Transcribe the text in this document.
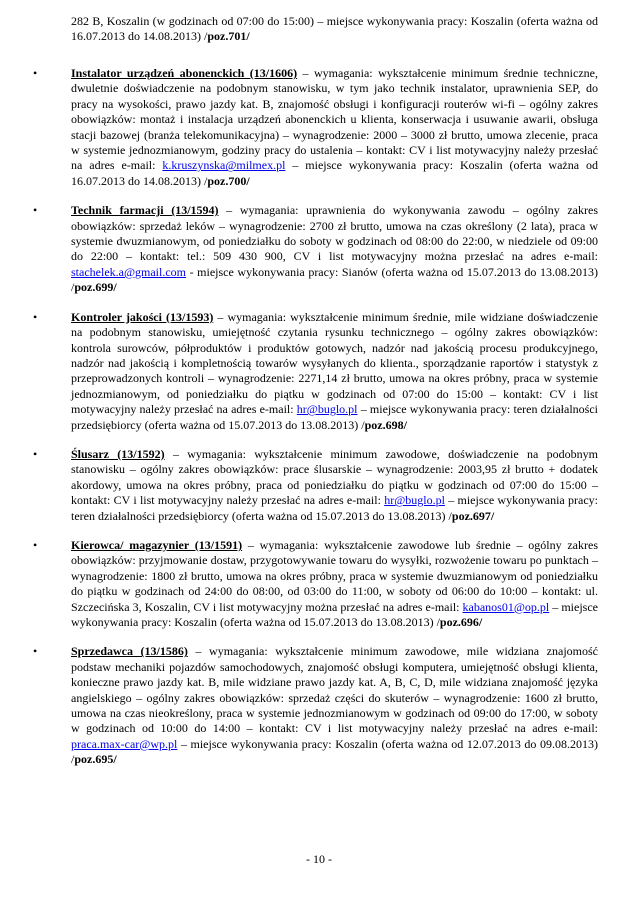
282 B, Koszalin (w godzinach od 07:00 do 15:00) – miejsce wykonywania pracy: Koszalin (oferta ważna od 16.07.2013 do 14.08.2013) /poz.701/
•	Instalator urządzeń abonenckich (13/1606) – wymagania: wykształcenie minimum średnie techniczne, dwuletnie doświadczenie na podobnym stanowisku, w tym jako technik instalator, uprawnienia SEP, do pracy na wysokości, prawo jazdy kat. B, znajomość obsługi i konfiguracji routerów wi-fi – ogólny zakres obowiązków: montaż i instalacja urządzeń abonenckich u klienta, konserwacja i usuwanie awarii, obsługa stacji bazowej (branża telekomunikacyjna) – wynagrodzenie: 2000 – 3000 zł brutto, umowa zlecenie, praca w systemie jednozmianowym, godziny pracy do ustalenia – kontakt: CV i list motywacyjny należy przesłać na adres e-mail: k.kruszynska@milmex.pl – miejsce wykonywania pracy: Koszalin (oferta ważna od 16.07.2013 do 14.08.2013) /poz.700/
•	Technik farmacji (13/1594) – wymagania: uprawnienia do wykonywania zawodu – ogólny zakres obowiązków: sprzedaż leków – wynagrodzenie: 2700 zł brutto, umowa na czas określony (2 lata), praca w systemie dwuzmianowym, od poniedziałku do soboty w godzinach od 08:00 do 22:00, w niedziele od 09:00 do 22:00 – kontakt: tel.: 509 430 900, CV i list motywacyjny można przesłać na adres e-mail: stachelek.a@gmail.com - miejsce wykonywania pracy: Sianów (oferta ważna od 15.07.2013 do 13.08.2013) /poz.699/
•	Kontroler jakości (13/1593) – wymagania: wykształcenie minimum średnie, mile widziane doświadczenie na podobnym stanowisku, umiejętność czytania rysunku technicznego – ogólny zakres obowiązków: kontrola surowców, półproduktów i produktów gotowych, nadzór nad jakością procesu produkcyjnego, nadzór nad jakością i kompletnością towarów wysyłanych do klienta., sporządzanie raportów i statystyk z przeprowadzonych kontroli – wynagrodzenie: 2271,14 zł brutto, umowa na okres próbny, praca w systemie jednozmianowym, od poniedziałku do piątku w godzinach od 07:00 do 15:00 – kontakt: CV i list motywacyjny należy przesłać na adres e-mail: hr@buglo.pl – miejsce wykonywania pracy: teren działalności przedsiębiorcy (oferta ważna od 15.07.2013 do 13.08.2013) /poz.698/
•	Ślusarz (13/1592) – wymagania: wykształcenie minimum zawodowe, doświadczenie na podobnym stanowisku – ogólny zakres obowiązków: prace ślusarskie – wynagrodzenie: 2003,95 zł brutto + dodatek akordowy, umowa na okres próbny, praca od poniedziałku do piątku w godzinach od 07:00 do 15:00 – kontakt: CV i list motywacyjny należy przesłać na adres e-mail: hr@buglo.pl – miejsce wykonywania pracy: teren działalności przedsiębiorcy (oferta ważna od 15.07.2013 do 13.08.2013) /poz.697/
•	Kierowca/ magazynier (13/1591) – wymagania: wykształcenie zawodowe lub średnie – ogólny zakres obowiązków: przyjmowanie dostaw, przygotowywanie towaru do wysyłki, rozwożenie towaru po punktach – wynagrodzenie: 1800 zł brutto, umowa na okres próbny, praca w systemie dwuzmianowym od poniedziałku do piątku w godzinach od 24:00 do 08:00, od 03:00 do 11:00, w soboty od 06:00 do 10:00 – kontakt: ul. Szczecińska 3, Koszalin, CV i list motywacyjny można przesłać na adres e-mail: kabanos01@op.pl – miejsce wykonywania pracy: Koszalin (oferta ważna od 15.07.2013 do 13.08.2013) /poz.696/
•	Sprzedawca (13/1586) – wymagania: wykształcenie minimum zawodowe, mile widziana znajomość podstaw mechaniki pojazdów samochodowych, znajomość obsługi komputera, umiejętność obsługi klienta, konieczne prawo jazdy kat. B, mile widziane prawo jazdy kat. A, B, C, D, mile widziana znajomość języka angielskiego – ogólny zakres obowiązków: sprzedaż części do skuterów – wynagrodzenie: 1600 zł brutto, umowa na czas nieokreślony, praca w systemie jednozmianowym w godzinach od 09:00 do 17:00, w soboty w godzinach od 10:00 do 14:00 – kontakt: CV i list motywacyjny należy przesłać na adres e-mail: praca.max-car@wp.pl – miejsce wykonywania pracy: Koszalin (oferta ważna od 12.07.2013 do 09.08.2013) /poz.695/
- 10 -
